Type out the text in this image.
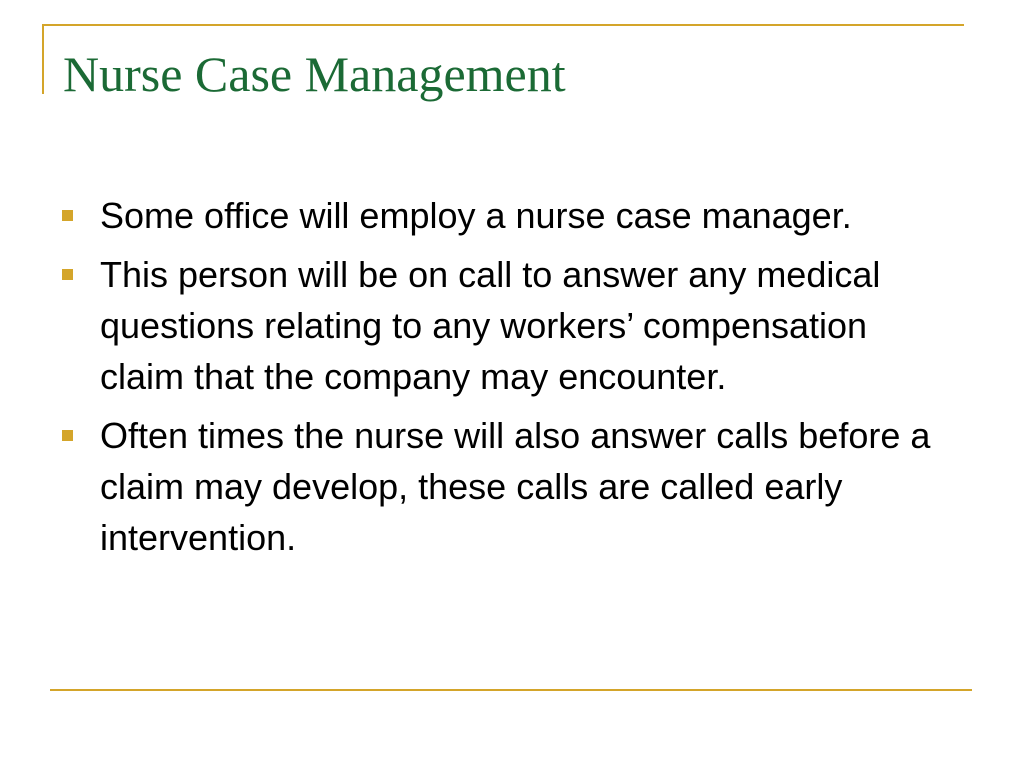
Nurse Case Management
Some office will employ a nurse case manager.
This person will be on call to answer any medical questions relating to any workers’ compensation claim that the company may encounter.
Often times the nurse will also answer calls before a claim may develop, these calls are called early intervention.
